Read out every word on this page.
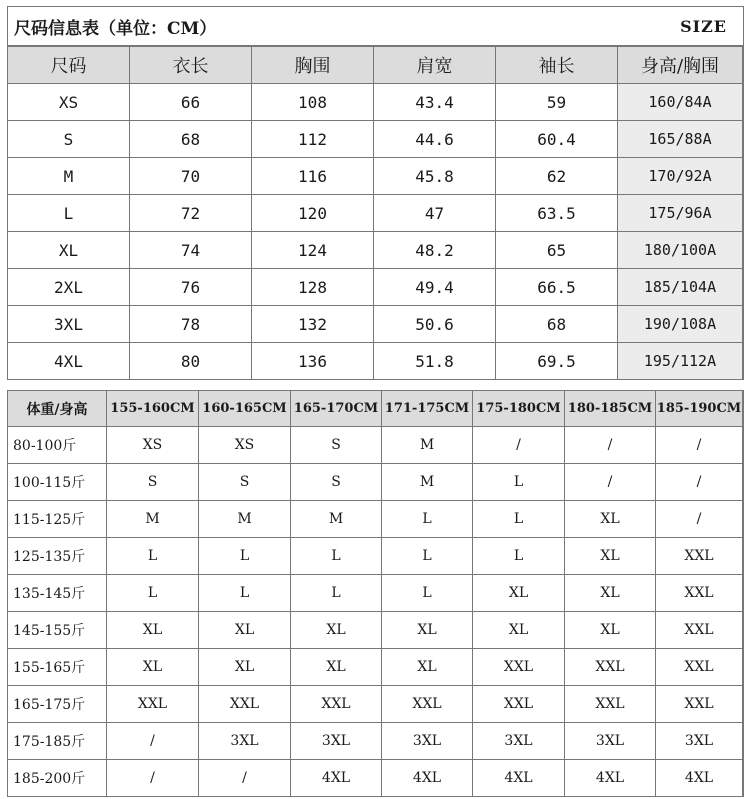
尺码信息表（单位：CM）	SIZE
尺码	衣长	胸围	肩宽	袖长	身高/胸围
XS	66	108	43.4	59	160/84A
S	68	112	44.6	60.4	165/88A
M	70	116	45.8	62	170/92A
L	72	120	47	63.5	175/96A
XL	74	124	48.2	65	180/100A
2XL	76	128	49.4	66.5	185/104A
3XL	78	132	50.6	68	190/108A
4XL	80	136	51.8	69.5	195/112A
体重/身高	155-160CM	160-165CM	165-170CM	171-175CM	175-180CM	180-185CM	185-190CM
80-100斤	XS	XS	S	M	/	/	/
100-115斤	S	S	S	M	L	/	/
115-125斤	M	M	M	L	L	XL	/
125-135斤	L	L	L	L	L	XL	XXL
135-145斤	L	L	L	L	XL	XL	XXL
145-155斤	XL	XL	XL	XL	XL	XL	XXL
155-165斤	XL	XL	XL	XL	XXL	XXL	XXL
165-175斤	XXL	XXL	XXL	XXL	XXL	XXL	XXL
175-185斤	/	3XL	3XL	3XL	3XL	3XL	3XL
185-200斤	/	/	4XL	4XL	4XL	4XL	4XL
